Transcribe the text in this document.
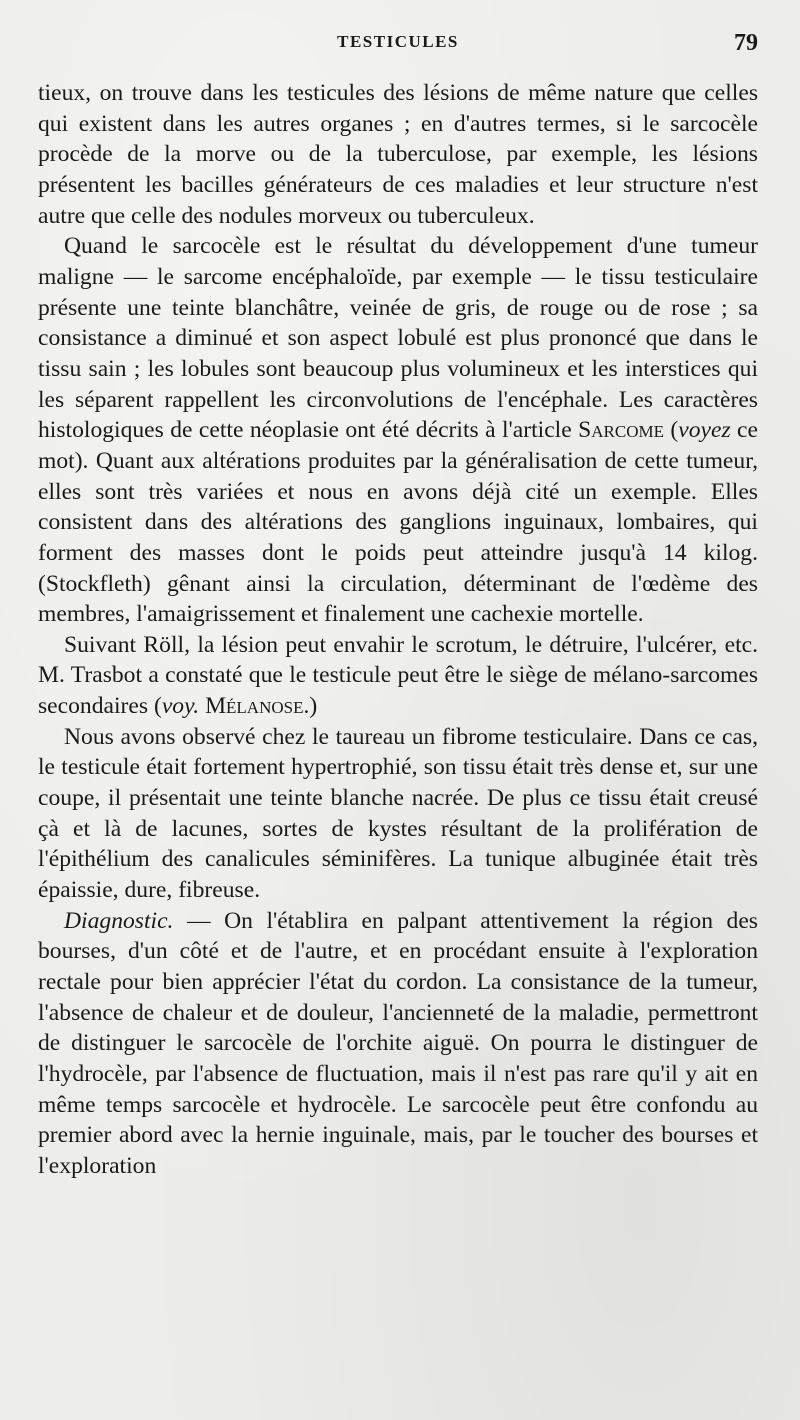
TESTICULES	79

tieux, on trouve dans les testicules des lésions de même nature que celles qui existent dans les autres organes ; en d'autres termes, si le sarcocèle procède de la morve ou de la tuberculose, par exemple, les lésions présentent les bacilles générateurs de ces maladies et leur structure n'est autre que celle des nodules morveux ou tuberculeux.

Quand le sarcocèle est le résultat du développement d'une tumeur maligne — le sarcome encéphaloïde, par exemple — le tissu testiculaire présente une teinte blanchâtre, veinée de gris, de rouge ou de rose ; sa consistance a diminué et son aspect lobulé est plus prononcé que dans le tissu sain ; les lobules sont beaucoup plus volumineux et les interstices qui les séparent rappellent les circonvolutions de l'encéphale. Les caractères histologiques de cette néoplasie ont été décrits à l'article Sarcome (voyez ce mot). Quant aux altérations produites par la généralisation de cette tumeur, elles sont très variées et nous en avons déjà cité un exemple. Elles consistent dans des altérations des ganglions inguinaux, lombaires, qui forment des masses dont le poids peut atteindre jusqu'à 14 kilog. (Stockfleth) gênant ainsi la circulation, déterminant de l'œdème des membres, l'amaigrissement et finalement une cachexie mortelle.

Suivant Röll, la lésion peut envahir le scrotum, le détruire, l'ulcérer, etc. M. Trasbot a constaté que le testicule peut être le siège de mélano-sarcomes secondaires (voy. Mélanose.)

Nous avons observé chez le taureau un fibrome testiculaire. Dans ce cas, le testicule était fortement hypertrophié, son tissu était très dense et, sur une coupe, il présentait une teinte blanche nacrée. De plus ce tissu était creusé çà et là de lacunes, sortes de kystes résultant de la prolifération de l'épithélium des canalicules séminifères. La tunique albuginée était très épaissie, dure, fibreuse.

Diagnostic. — On l'établira en palpant attentivement la région des bourses, d'un côté et de l'autre, et en procédant ensuite à l'exploration rectale pour bien apprécier l'état du cordon. La consistance de la tumeur, l'absence de chaleur et de douleur, l'ancienneté de la maladie, permettront de distinguer le sarcocèle de l'orchite aiguë. On pourra le distinguer de l'hydrocèle, par l'absence de fluctuation, mais il n'est pas rare qu'il y ait en même temps sarcocèle et hydrocèle. Le sarcocèle peut être confondu au premier abord avec la hernie inguinale, mais, par le toucher des bourses et l'exploration
